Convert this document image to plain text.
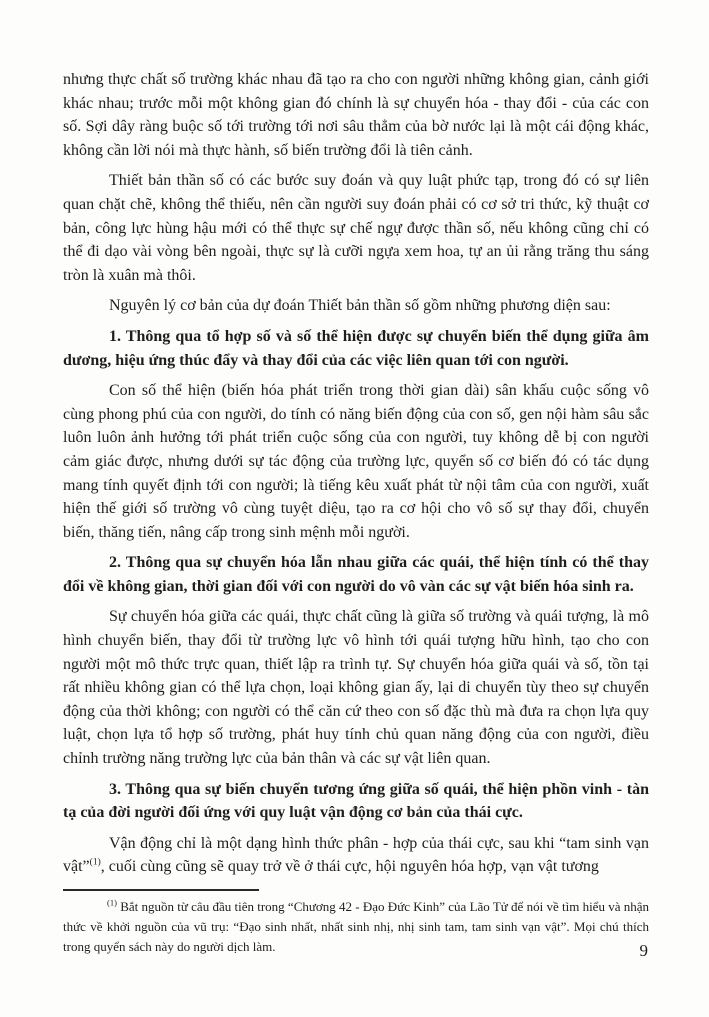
nhưng thực chất số trường khác nhau đã tạo ra cho con người những không gian, cảnh giới khác nhau; trước mỗi một không gian đó chính là sự chuyển hóa - thay đổi - của các con số. Sợi dây ràng buộc số tới trường tới nơi sâu thẳm của bờ nước lại là một cái động khác, không cần lời nói mà thực hành, số biến trường đổi là tiên cảnh.

Thiết bản thần số có các bước suy đoán và quy luật phức tạp, trong đó có sự liên quan chặt chẽ, không thể thiếu, nên cần người suy đoán phải có cơ sở tri thức, kỹ thuật cơ bản, công lực hùng hậu mới có thể thực sự chế ngự được thần số, nếu không cũng chỉ có thể đi dạo vài vòng bên ngoài, thực sự là cưỡi ngựa xem hoa, tự an ủi rằng trăng thu sáng tròn là xuân mà thôi.

Nguyên lý cơ bản của dự đoán Thiết bản thần số gồm những phương diện sau:

1. Thông qua tổ hợp số và số thể hiện được sự chuyển biến thể dụng giữa âm dương, hiệu ứng thúc đẩy và thay đổi của các việc liên quan tới con người.

Con số thể hiện (biến hóa phát triển trong thời gian dài) sân khấu cuộc sống vô cùng phong phú của con người, do tính có năng biến động của con số, gen nội hàm sâu sắc luôn luôn ảnh hưởng tới phát triển cuộc sống của con người, tuy không dễ bị con người cảm giác được, nhưng dưới sự tác động của trường lực, quyển số cơ biến đó có tác dụng mang tính quyết định tới con người; là tiếng kêu xuất phát từ nội tâm của con người, xuất hiện thế giới số trường vô cùng tuyệt diệu, tạo ra cơ hội cho vô số sự thay đổi, chuyển biến, thăng tiến, nâng cấp trong sinh mệnh mỗi người.

2. Thông qua sự chuyển hóa lẫn nhau giữa các quái, thể hiện tính có thể thay đổi về không gian, thời gian đối với con người do vô vàn các sự vật biến hóa sinh ra.

Sự chuyển hóa giữa các quái, thực chất cũng là giữa số trường và quái tượng, là mô hình chuyển biến, thay đổi từ trường lực vô hình tới quái tượng hữu hình, tạo cho con người một mô thức trực quan, thiết lập ra trình tự. Sự chuyển hóa giữa quái và số, tồn tại rất nhiều không gian có thể lựa chọn, loại không gian ấy, lại di chuyển tùy theo sự chuyển động của thời không; con người có thể căn cứ theo con số đặc thù mà đưa ra chọn lựa quy luật, chọn lựa tổ hợp số trường, phát huy tính chủ quan năng động của con người, điều chỉnh trường năng trường lực của bản thân và các sự vật liên quan.

3. Thông qua sự biến chuyển tương ứng giữa số quái, thể hiện phồn vinh - tàn tạ của đời người đối ứng với quy luật vận động cơ bản của thái cực.

Vận động chỉ là một dạng hình thức phân - hợp của thái cực, sau khi “tam sinh vạn vật”$^{(1)}$, cuối cùng cũng sẽ quay trở về ở thái cực, hội nguyên hóa hợp, vạn vật tương

$^{(1)}$ Bắt nguồn từ câu đầu tiên trong “Chương 42 - Đạo Đức Kinh” của Lão Tử để nói về tìm hiểu và nhận thức về khởi nguồn của vũ trụ: “Đạo sinh nhất, nhất sinh nhị, nhị sinh tam, tam sinh vạn vật”. Mọi chú thích trong quyển sách này do người dịch làm.	9
